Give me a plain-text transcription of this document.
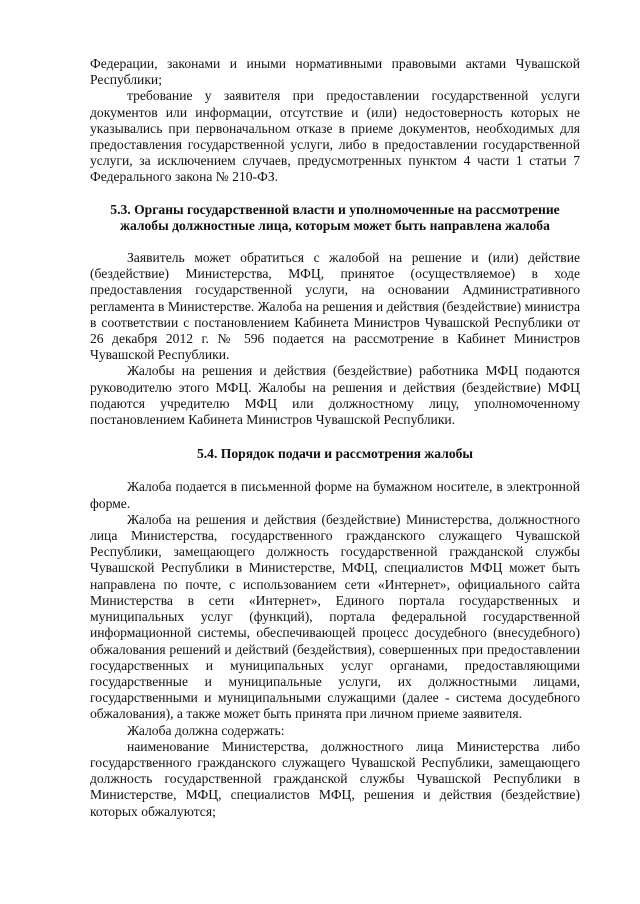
Федерации, законами и иными нормативными правовыми актами Чувашской Республики;

требование у заявителя при предоставлении государственной услуги документов или информации, отсутствие и (или) недостоверность которых не указывались при первоначальном отказе в приеме документов, необходимых для предоставления государственной услуги, либо в предоставлении государственной услуги, за исключением случаев, предусмотренных пунктом 4 части 1 статьи 7 Федерального закона № 210-ФЗ.

5.3. Органы государственной власти и уполномоченные на рассмотрение жалобы должностные лица, которым может быть направлена жалоба

Заявитель может обратиться с жалобой на решение и (или) действие (бездействие) Министерства, МФЦ, принятое (осуществляемое) в ходе предоставления государственной услуги, на основании Административного регламента в Министерстве. Жалоба на решения и действия (бездействие) министра в соответствии с постановлением Кабинета Министров Чувашской Республики от 26 декабря 2012 г. № 596 подается на рассмотрение в Кабинет Министров Чувашской Республики.

Жалобы на решения и действия (бездействие) работника МФЦ подаются руководителю этого МФЦ. Жалобы на решения и действия (бездействие) МФЦ подаются учредителю МФЦ или должностному лицу, уполномоченному постановлением Кабинета Министров Чувашской Республики.

5.4. Порядок подачи и рассмотрения жалобы

Жалоба подается в письменной форме на бумажном носителе, в электронной форме.

Жалоба на решения и действия (бездействие) Министерства, должностного лица Министерства, государственного гражданского служащего Чувашской Республики, замещающего должность государственной гражданской службы Чувашской Республики в Министерстве, МФЦ, специалистов МФЦ может быть направлена по почте, с использованием сети «Интернет», официального сайта Министерства в сети «Интернет», Единого портала государственных и муниципальных услуг (функций), портала федеральной государственной информационной системы, обеспечивающей процесс досудебного (внесудебного) обжалования решений и действий (бездействия), совершенных при предоставлении государственных и муниципальных услуг органами, предоставляющими государственные и муниципальные услуги, их должностными лицами, государственными и муниципальными служащими (далее - система досудебного обжалования), а также может быть принята при личном приеме заявителя.

Жалоба должна содержать:

наименование Министерства, должностного лица Министерства либо государственного гражданского служащего Чувашской Республики, замещающего должность государственной гражданской службы Чувашской Республики в Министерстве, МФЦ, специалистов МФЦ, решения и действия (бездействие) которых обжалуются;
